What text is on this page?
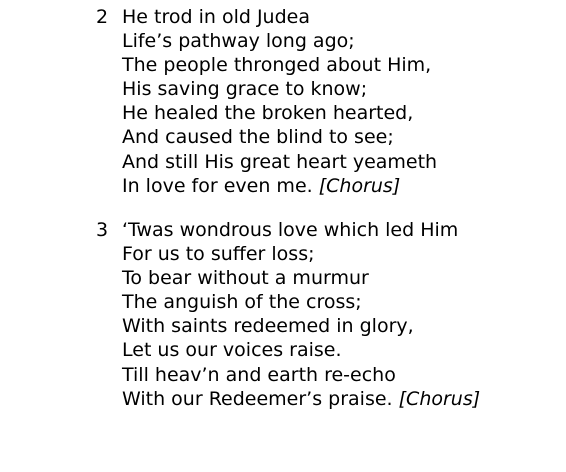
2 He trod in old Judea
Life’s pathway long ago;
The people thronged about Him,
His saving grace to know;
He healed the broken hearted,
And caused the blind to see;
And still His great heart yeameth
In love for even me. [Chorus]
3 ‘Twas wondrous love which led Him
For us to suffer loss;
To bear without a murmur
The anguish of the cross;
With saints redeemed in glory,
Let us our voices raise.
Till heav’n and earth re-echo
With our Redeemer’s praise. [Chorus]
